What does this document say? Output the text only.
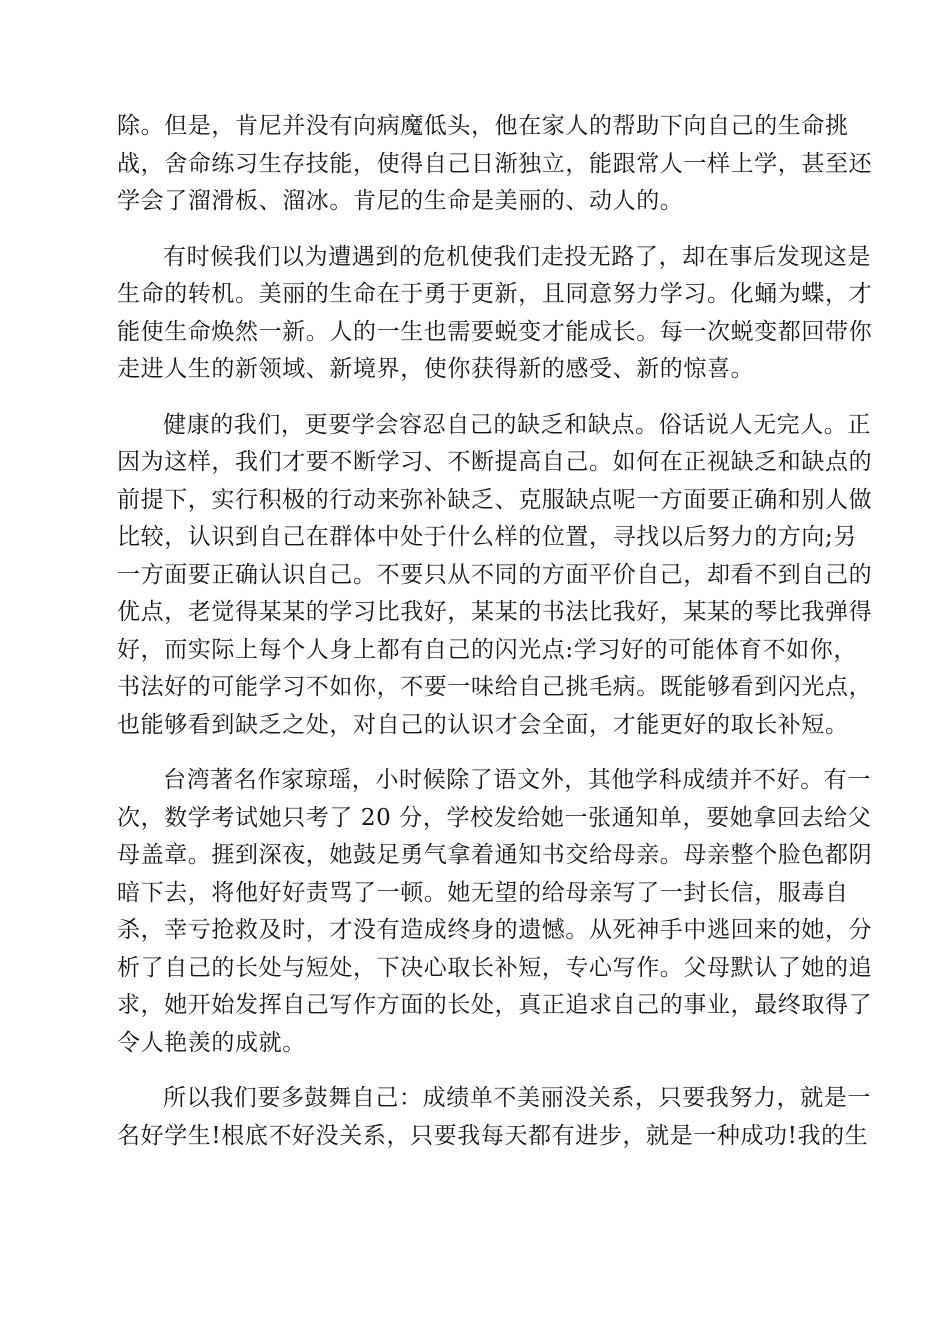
除。但是，肯尼并没有向病魔低头，他在家人的帮助下向自己的生命挑
战，舍命练习生存技能，使得自己日渐独立，能跟常人一样上学，甚至还
学会了溜滑板、溜冰。肯尼的生命是美丽的、动人的。
有时候我们以为遭遇到的危机使我们走投无路了，却在事后发现这是
生命的转机。美丽的生命在于勇于更新，且同意努力学习。化蛹为蝶，才
能使生命焕然一新。人的一生也需要蜕变才能成长。每一次蜕变都回带你
走进人生的新领域、新境界，使你获得新的感受、新的惊喜。
健康的我们，更要学会容忍自己的缺乏和缺点。俗话说人无完人。正
因为这样，我们才要不断学习、不断提高自己。如何在正视缺乏和缺点的
前提下，实行积极的行动来弥补缺乏、克服缺点呢一方面要正确和别人做
比较，认识到自己在群体中处于什么样的位置，寻找以后努力的方向;另
一方面要正确认识自己。不要只从不同的方面平价自己，却看不到自己的
优点，老觉得某某的学习比我好，某某的书法比我好，某某的琴比我弹得
好，而实际上每个人身上都有自己的闪光点:学习好的可能体育不如你，
书法好的可能学习不如你，不要一味给自己挑毛病。既能够看到闪光点，
也能够看到缺乏之处，对自己的认识才会全面，才能更好的取长补短。
台湾著名作家琼瑶，小时候除了语文外，其他学科成绩并不好。有一
次，数学考试她只考了 20 分，学校发给她一张通知单，要她拿回去给父
母盖章。捱到深夜，她鼓足勇气拿着通知书交给母亲。母亲整个脸色都阴
暗下去，将他好好责骂了一顿。她无望的给母亲写了一封长信，服毒自
杀，幸亏抢救及时，才没有造成终身的遗憾。从死神手中逃回来的她，分
析了自己的长处与短处，下决心取长补短，专心写作。父母默认了她的追
求，她开始发挥自己写作方面的长处，真正追求自己的事业，最终取得了
令人艳羡的成就。
所以我们要多鼓舞自己：成绩单不美丽没关系，只要我努力，就是一
名好学生!根底不好没关系，只要我每天都有进步，就是一种成功!我的生
